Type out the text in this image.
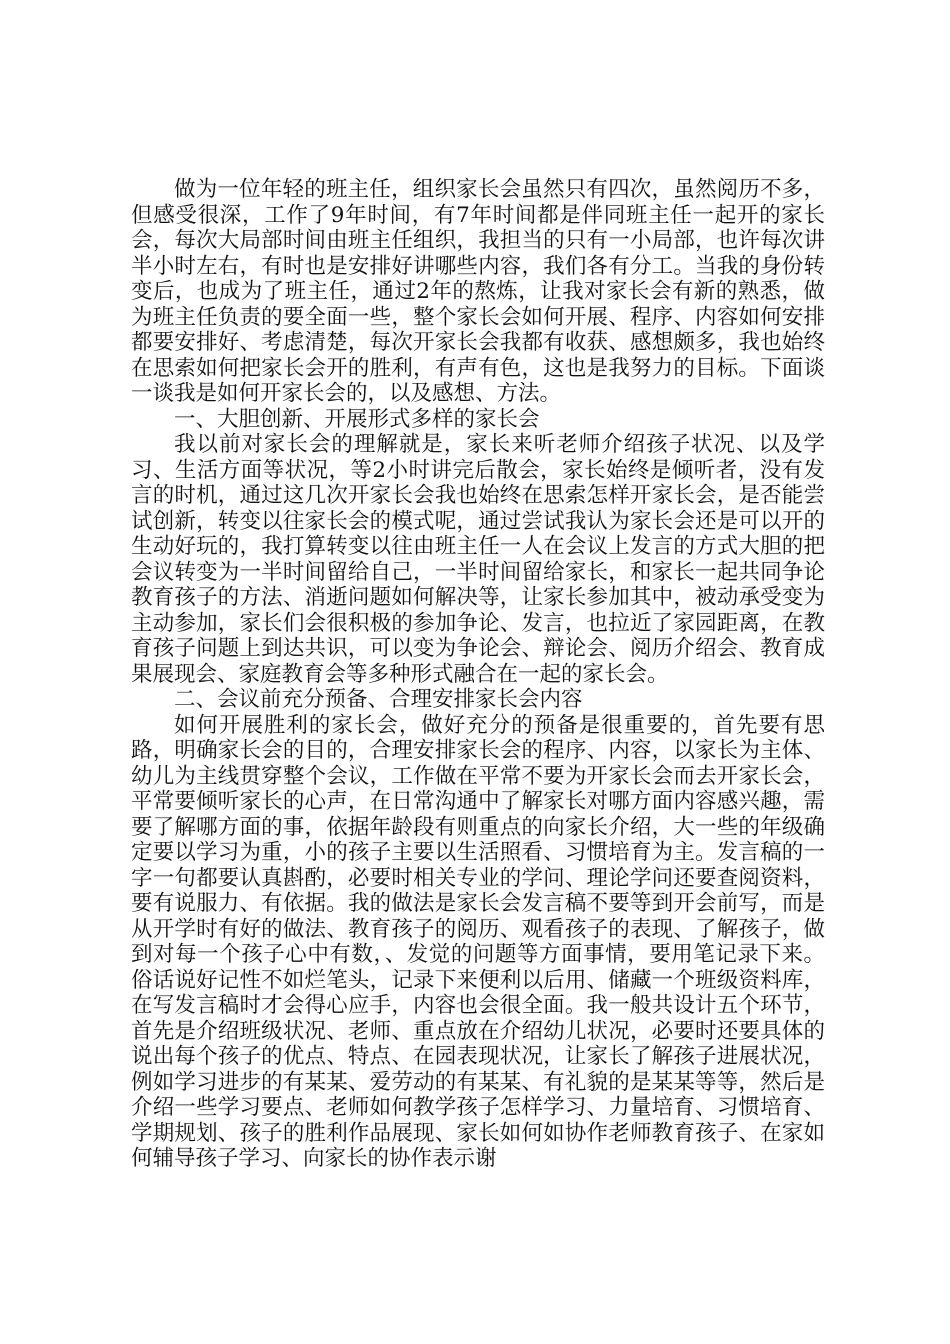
做为一位年轻的班主任，组织家长会虽然只有四次，虽然阅历不多，但感受很深，工作了9年时间，有7年时间都是伴同班主任一起开的家长会，每次大局部时间由班主任组织，我担当的只有一小局部，也许每次讲半小时左右，有时也是安排好讲哪些内容，我们各有分工。当我的身份转变后，也成为了班主任，通过2年的熬炼，让我对家长会有新的熟悉，做为班主任负责的要全面一些，整个家长会如何开展、程序、内容如何安排都要安排好、考虑清楚，每次开家长会我都有收获、感想颇多，我也始终在思索如何把家长会开的胜利，有声有色，这也是我努力的目标。下面谈一谈我是如何开家长会的，以及感想、方法。

一、大胆创新、开展形式多样的家长会

我以前对家长会的理解就是，家长来听老师介绍孩子状况、以及学习、生活方面等状况，等2小时讲完后散会，家长始终是倾听者，没有发言的时机，通过这几次开家长会我也始终在思索怎样开家长会，是否能尝试创新，转变以往家长会的模式呢，通过尝试我认为家长会还是可以开的生动好玩的，我打算转变以往由班主任一人在会议上发言的方式大胆的把会议转变为一半时间留给自己，一半时间留给家长，和家长一起共同争论教育孩子的方法、消逝问题如何解决等，让家长参加其中，被动承受变为主动参加，家长们会很积极的参加争论、发言，也拉近了家园距离，在教育孩子问题上到达共识，可以变为争论会、辩论会、阅历介绍会、教育成果展现会、家庭教育会等多种形式融合在一起的家长会。

二、会议前充分预备、合理安排家长会内容

如何开展胜利的家长会，做好充分的预备是很重要的，首先要有思路，明确家长会的目的，合理安排家长会的程序、内容，以家长为主体、幼儿为主线贯穿整个会议，工作做在平常不要为开家长会而去开家长会，平常要倾听家长的心声，在日常沟通中了解家长对哪方面内容感兴趣，需要了解哪方面的事，依据年龄段有则重点的向家长介绍，大一些的年级确定要以学习为重，小的孩子主要以生活照看、习惯培育为主。发言稿的一字一句都要认真斟酌，必要时相关专业的学问、理论学问还要查阅资料，要有说服力、有依据。我的做法是家长会发言稿不要等到开会前写，而是从开学时有好的做法、教育孩子的阅历、观看孩子的表现、了解孩子，做到对每一个孩子心中有数，、发觉的问题等方面事情，要用笔记录下来。俗话说好记性不如烂笔头，记录下来便利以后用、储藏一个班级资料库，在写发言稿时才会得心应手，内容也会很全面。我一般共设计五个环节，首先是介绍班级状况、老师、重点放在介绍幼儿状况，必要时还要具体的说出每个孩子的优点、特点、在园表现状况，让家长了解孩子进展状况，例如学习进步的有某某、爱劳动的有某某、有礼貌的是某某等等，然后是介绍一些学习要点、老师如何教学孩子怎样学习、力量培育、习惯培育、学期规划、孩子的胜利作品展现、家长如何如协作老师教育孩子、在家如何辅导孩子学习、向家长的协作表示谢
